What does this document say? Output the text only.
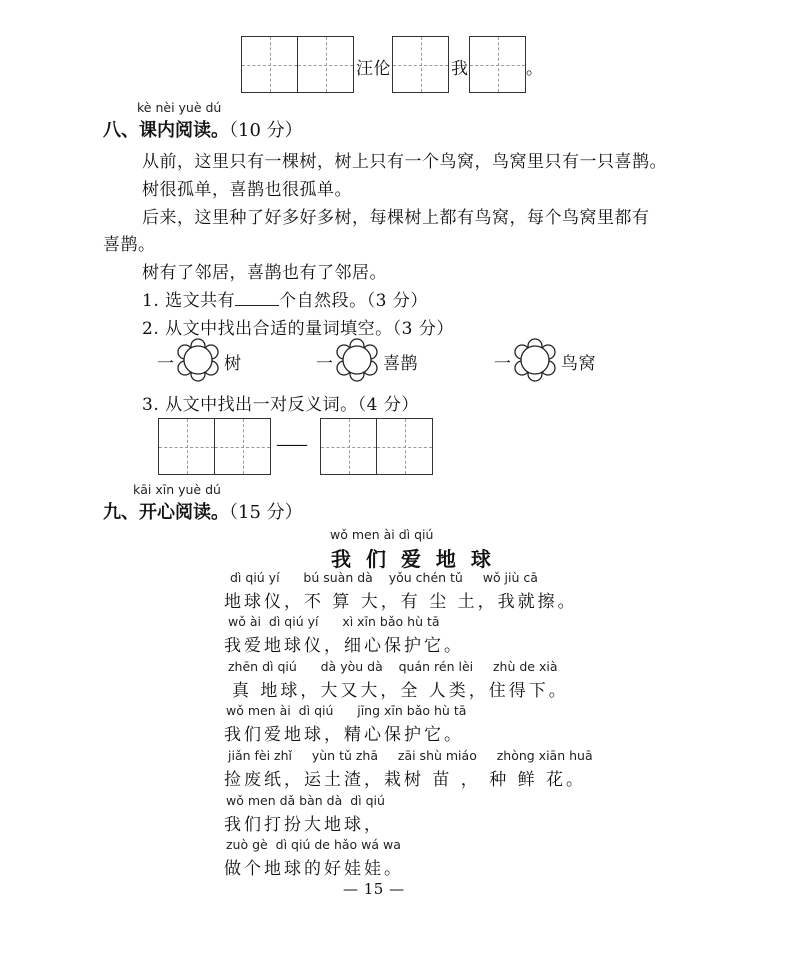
汪伦	我	。
kè nèi yuè dú
八、课内阅读。（10 分）
从前，这里只有一棵树，树上只有一个鸟窝，鸟窝里只有一只喜鹊。
树很孤单，喜鹊也很孤单。
后来，这里种了好多好多树，每棵树上都有鸟窝，每个鸟窝里都有
喜鹊。
树有了邻居，喜鹊也有了邻居。
1. 选文共有	个自然段。（3 分）
2. 从文中找出合适的量词填空。（3 分）
一	树	一	喜鹊	一	鸟窝
3. 从文中找出一对反义词。（4 分）
——
kāi xīn yuè dú
九、开心阅读。（15 分）
wǒ men ài dì qiú
我 们 爱 地 球
dì qiú yí      bú suàn dà    yǒu chén tǔ     wǒ jiù cā
地球仪，不 算 大，有 尘 土，我就擦。
wǒ ài  dì qiú yí      xì xīn bǎo hù tā
我爱地球仪，细心保护它。
zhēn dì qiú      dà yòu dà    quán rén lèi     zhù de xià
真 地球，大又大，全 人类，住得下。
wǒ men ài  dì qiú      jīng xīn bǎo hù tā
我们爱地球，精心保护它。
jiǎn fèi zhǐ     yùn tǔ zhā     zāi shù miáo     zhòng xiān huā
捡废纸，运土渣，栽树 苗 ， 种 鲜 花。
wǒ men dǎ bàn dà  dì qiú
我们打扮大地球，
zuò gè  dì qiú de hǎo wá wa
做个地球的好娃娃。
— 15 —
